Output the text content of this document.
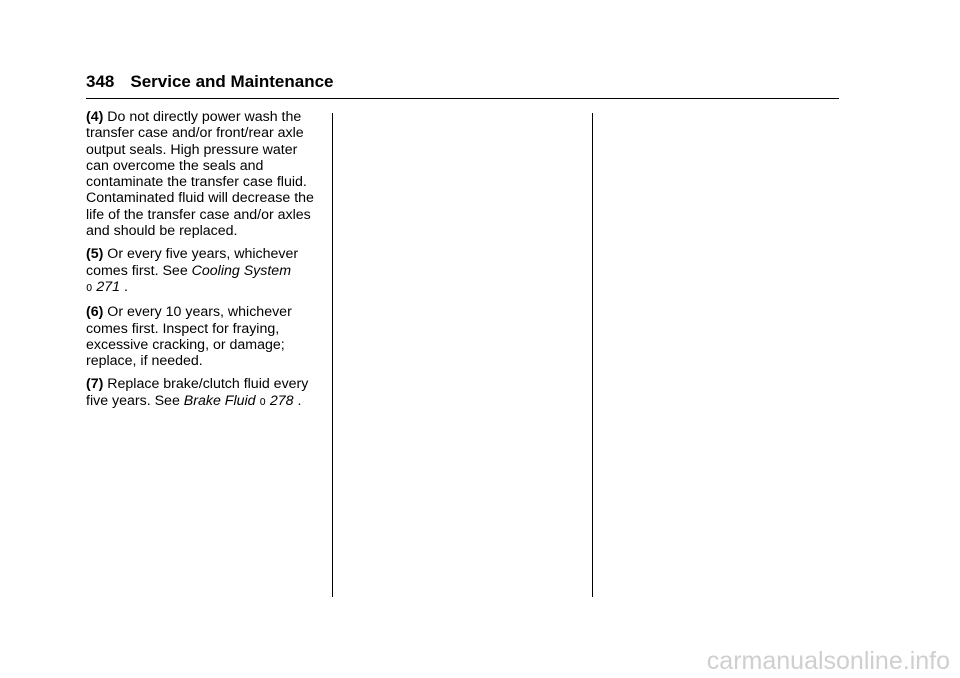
348 Service and Maintenance

(4) Do not directly power wash the transfer case and/or front/rear axle output seals. High pressure water can overcome the seals and contaminate the transfer case fluid. Contaminated fluid will decrease the life of the transfer case and/or axles and should be replaced.

(5) Or every five years, whichever comes first. See Cooling System
0 271 .

(6) Or every 10 years, whichever comes first. Inspect for fraying, excessive cracking, or damage; replace, if needed.

(7) Replace brake/clutch fluid every five years. See Brake Fluid 0 278 .

carmanualsonline.info
